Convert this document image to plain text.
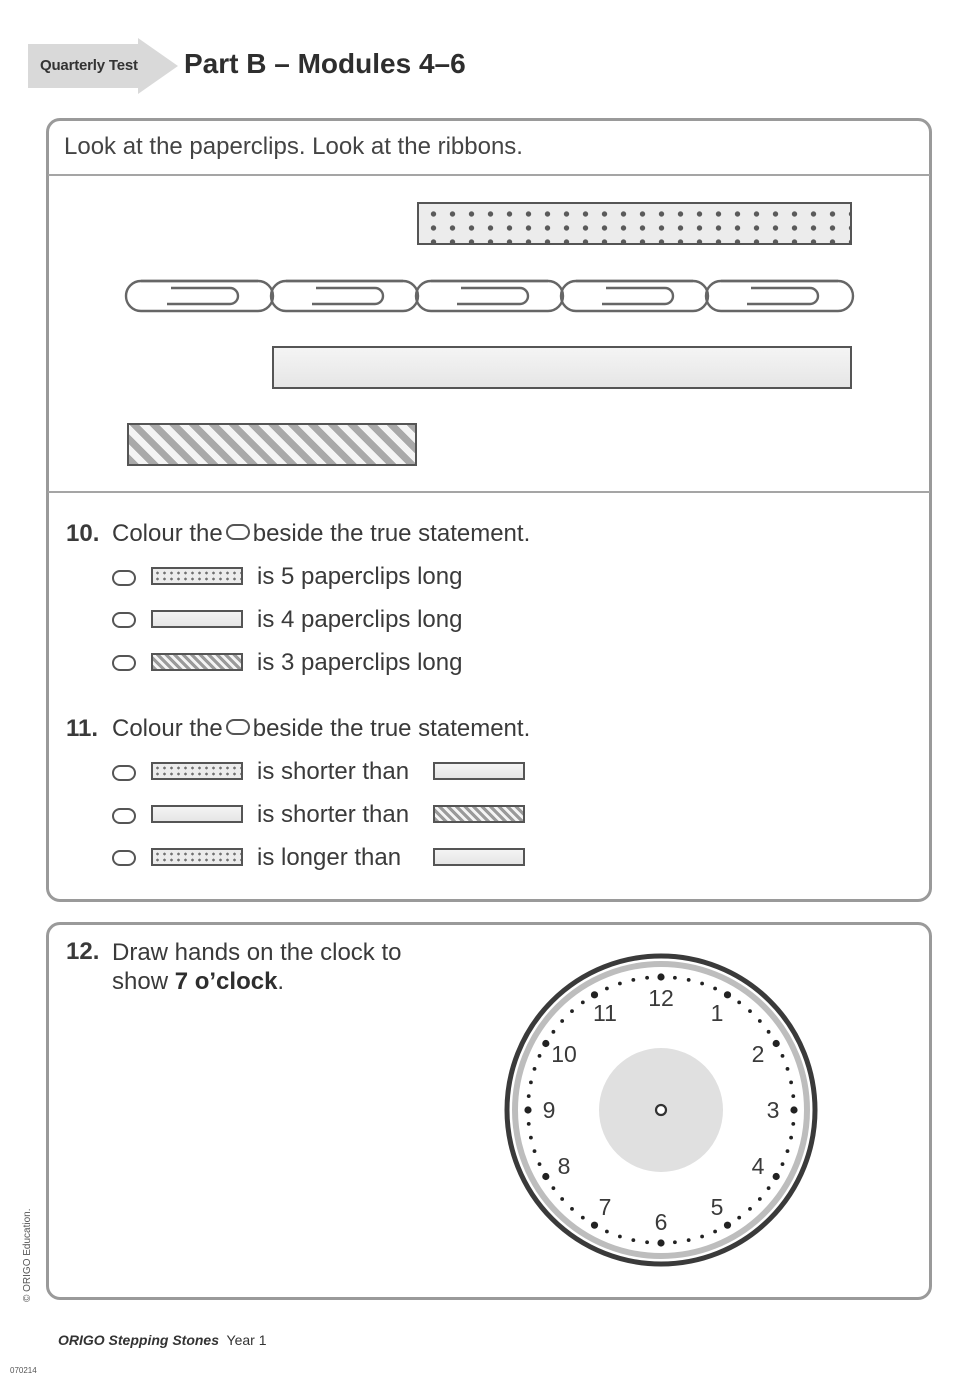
Quarterly Test Part B – Modules 4–6
Look at the paperclips. Look at the ribbons.
10. Colour the beside the true statement.
is 5 paperclips long
is 4 paperclips long
is 3 paperclips long
11. Colour the beside the true statement.
is shorter than
is shorter than
is longer than
12. Draw hands on the clock to
show 7 o’clock.
12
1
2
3
4
5
6
7
8
9
10
11
© ORIGO Education.
ORIGO Stepping Stones Year 1
070214
